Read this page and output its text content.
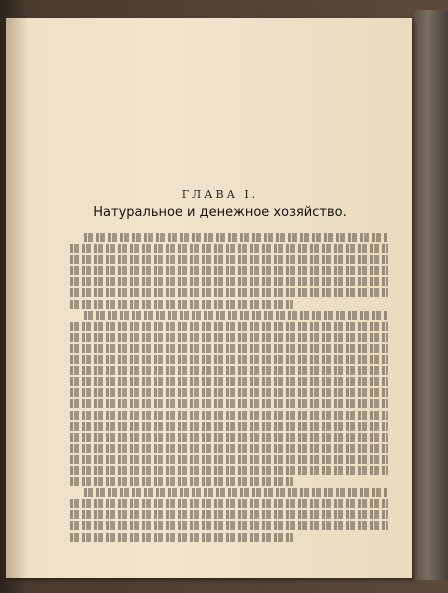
ГЛАВА I.
Натуральное и денежное хозяйство.
